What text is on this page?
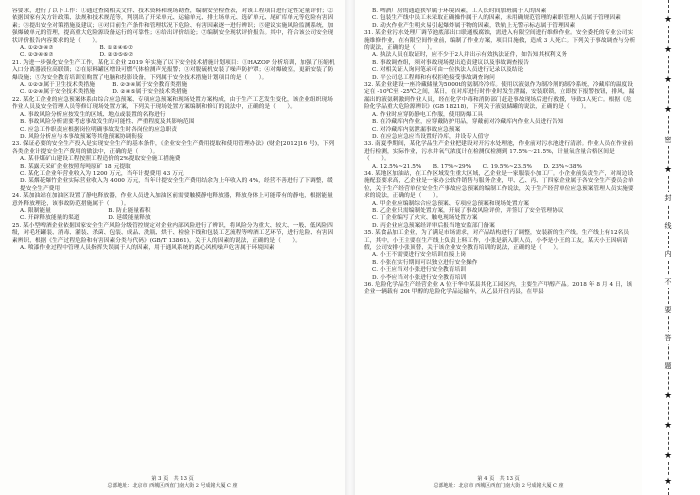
容要求，进行了以下工作：①通过查阅相关文件、技术资料和现场勘查，编制安全检查表，对该工程项目进行定性定量评价；②依据国家有关方针政策、法规和技术规范等，判别出了开采单元、运输单元、排土场单元、选矿单元、尾矿库单元等危险有害因素；③提出安全对策措施及建议；④对目前生产条件和管理状况下危险、有害因素逐一进行辨识；⑤建议实施风险监测系统，加强爆破单元的管理，提高重大危险源设备运行的可靠性；⑥给出评价结论；⑦编制安全现状评价报告。其中，符合该公司安全现状评价报告内容要求的是（　　）。

A. ①②③④⑦　　　　　　　　B. ①②④⑥⑦

C. ②③④⑥⑦　　　　　　　　D. ②③⑤⑥⑦

21. 为进一步强化安全生产工作，某化工企业 2019 年实施了以下安全技术措施计划项目：①HAZOP 分析培训，加强了压缩机入口分离器液位高联锁；②在原料罐区增设可燃气体检测声光报警；③对脱硫机安装了噪声防护罩；④对爆破室，更新安装了防爆设施；⑤为安全教育培训室购置了电脑和投影设备，下列属于安全技术措施计划项目的是（　　）。

A. ①②③属于卫生技术类措施　　　B. ②③④属于安全教育类措施

C. ①②④属于安全技术类措施　　　D. ②④⑤属于安全技术类措施

22. 某化工企业的应急预案体系由综合应急预案、专项应急预案和现场处置方案构成，由于生产工艺发生变化，该企业组织现场作业人员及安全管理人员等修订现场处置方案，下列关于现场处置方案编制和修订的说法中，正确的是（　　）。

A. 事故风险分析应按发生的区域、地点或装置的名称进行

B. 事故风险分析需要考虑事故发生的可能性、严重程度及其影响范围

C. 应急工作职责应根据岗位明确事故发生时各岗位的应急职责

D. 风险分析应与本事故预案等其他预案协调衔接

23. 保证必要的安全生产投入是实现安全生产的基本条件，《企业安全生产费用提取和使用管理办法》(财企[2012]16 号)，下列各类企业计提安全生产费用的做法中，正确的是（　　）。

A. 某非煤矿山建设工程按照工程造价的2%提取安全施工措施费

B. 某露天采矿企业按照每吨原矿 18 元提取

C. 某化工企业年营业收入为 1200 万元，当年计提费用 43 万元

D. 某烟花爆竹企业实际营业收入为 4000 万元，当年计提安全生产费用结余为上年收入的 4%，经营不善进行了下调整，缓提安全生产费用

24. 某加油站在加油区设置了静电释放器，作业人员进入加油区前需要触摸静电释放器，释放身体上可能带有的静电，根据能量意外释放理论，该事故防范措施属于（　　）。

A. 限制能量　　　　　　　　　　B. 防止能量蓄积

C. 开辟释放能量的渠道　　　　　D. 延缓能量释放

25. 某小型啤酒企业依据国家安全生产风险分级管控规定对企业内部风险进行了辨识，将风险分为重大、较大、一般、低风险四级，对毛坯罐装、消毒、灌装、杀菌、包装、成品、洗瓶、烘干、检验下线和包装工艺流程等啤酒工艺环节，进行危险、有害因素辨识，根据《生产过程危险和有害因素分类与代码》(GB/T 13861)，关于人的因素的说法，正确的是（　　）。

A. 喷漆作业过程中管理人员指挥失误属于人的因素，用于通风系统的离心风机噪声危害属于环境因素

第 3 页　共 13 页
总部地址：北京市 西城区西直门南大街 2 号成铭大厦 C 座

B. 啤酒厂房的通道狭窄属于环境因素，工人长时间加班属于人的因素

C. 包装生产线中员工未采取正确操作属于人的因素，未用确规范管理的素职管理人员属于管理因素

D. 动火作业产生明火易引起爆炸属于物的因素，铁轨上无警示标志属于管理因素

31. 某企业污水处理厂调节池底部出口联通板腐蚀，需进入有限空间进行维修作业。安全委托的专业公司实施维修作业，在有限空间作业前，编制了作业方案，项目目施救，造成 3 人死亡。下列关于事故调查与分析的说法，正确的是（　　）。

A. 执法人员在取证时，应不少于2人并出示有效执法证件，如告知其权利义务

B. 事故调查组，须对事故现场提出追责建议以及事故调查报告

C. 对相关证人询问笔录可由一位执法人员进行记录以及结论

D. 平公司总工程师和有权拒绝接受事故调查询问

32. 某企业建设一座冷藏储量为5000t的氨制冷冷库。使用以液氨作为制冷剂的制冷系统，冷藏库的温度设定在 -10℃至 -25℃之间，某日，在对库进行时作业时发生泄漏，安装联锁，立即按下报警按钮，排风，漏漏出的液氨刺激到作业人员，经在化学中毒和消防部门赶赴事故现场后进行救援，导致3人死亡。根据《危险化学品重大危险源辨识》(GB 18218)，下列关于液氨储罐的说法，正确的是（　　）。

A. 作业时应穿防静电工作服，使用防爆工具

B. 在冷藏库内作业，应穿戴防护用品，穿戴前对冷藏库内作业人员进行告知

C. 对冷藏库内氨泄漏事故应急预案

D. 在应急应急应当设置好冷库，并设专人值守

33. 南夏季期间，某化学品生产企业把建设对开污水处理池，作业前对污水池进行清淤。作业人员在作业前进行检测，实际作业，污水井氧气浓度计在检测仪检测到 17.5%～21.5%，计量氧含量合格区间是（　　）。

A. 12.5%~21.5%　　B. 17%~29%　　C. 19.5%~23.5%　　D. 23%~38%

34. 某地区加油站，在工作区域发生重大区域，乙企业是一家服装小加工厂。小企业前负责生产，对周边设施配套要求高，乙企业是一家办公软件销售与服务企业，甲、乙、丙、丁四家企业属于各安全生产委员会单位，关于生产经营单位安全生产事故应急预案的编制工作说法，关于生产经营单位应急预案管理人员实施要求的说法，正确的是（　　）。

A. 甲企业应编制综合应急预案、专项应急预案和现场处置方案

B. 乙企业只需编制处置方案，开展了事故风险评价，并签订了安全管理协议

C. 丁企业编写了火灾、触电现场处置方案

D. 丙企业应急预案经评审后报当地安监部门备案

35. 某食品加工企业，为了满足市场需求，对产品结构进行了调整，安装新的生产线。生产线上有12名员工，其中，小王主要在生产线上负责上料工作，小张是新入职人员，小李是小王的工友，某天小王因病请假，公司安排小张顶替，关于该企业安全教育培训的说法，正确的是（　　）。

A. 小王不需要进行安全培训直接上岗

B. 小张在实行期间可以独立进行安全操作

C. 小王应当对小张进行安全教育培训

D. 小李应当对小张进行安全教育培训

36. 危险化学品生产经营企业 A 位于华中某县其化工园区内，主要生产甲醇产品。2018 年 8 月 4 日，该企业一辆载有 20t 甲醇的危险化学品运输车，从乙县开往丙县，在甲县

第 4 页　共 13 页
总部地址：北京市 西城区西直门南大街 2 号成铭大厦 C 座
★
★
★
★
密
★
封
线
内
不
要
答
题
★
★
★
★
